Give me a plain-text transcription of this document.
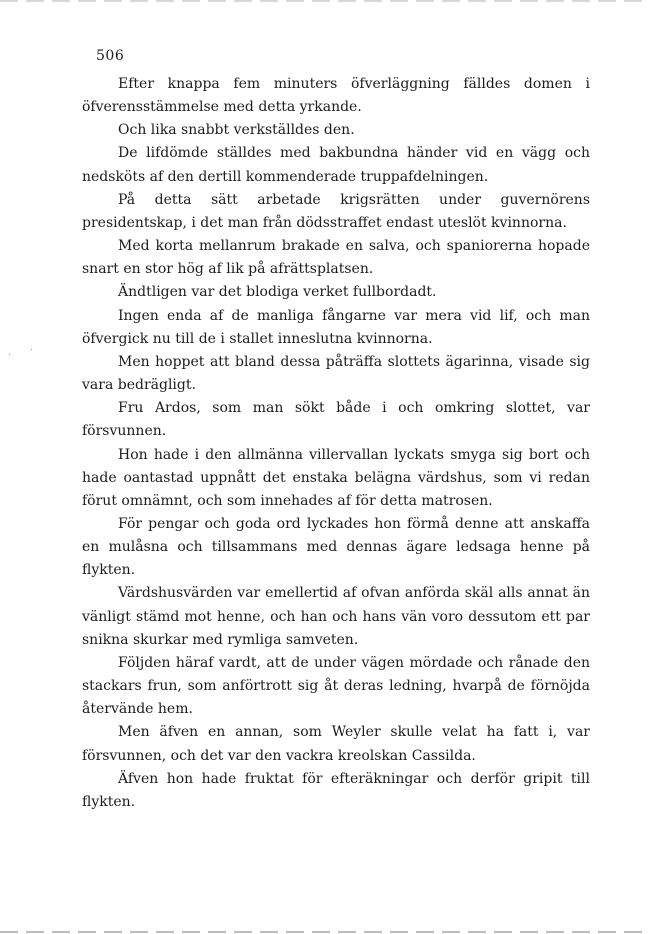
506

Efter knappa fem minuters öfverläggning fälldes domen i öfverensstämmelse med detta yrkande.

Och lika snabbt verkställdes den.

De lifdömde ställdes med bakbundna händer vid en vägg och nedsköts af den dertill kommenderade truppafdelningen.

På detta sätt arbetade krigsrätten under guvernörens presidentskap, i det man från dödsstraffet endast uteslöt kvinnorna.

Med korta mellanrum brakade en salva, och spaniorerna hopade snart en stor hög af lik på afrättsplatsen.

Ändtligen var det blodiga verket fullbordadt.

Ingen enda af de manliga fångarne var mera vid lif, och man öfvergick nu till de i stallet inneslutna kvinnorna.

Men hoppet att bland dessa påträffa slottets ägarinna, visade sig vara bedrägligt.

Fru Ardos, som man sökt både i och omkring slottet, var försvunnen.

Hon hade i den allmänna villervallan lyckats smyga sig bort och hade oantastad uppnått det enstaka belägna värdshus, som vi redan förut omnämnt, och som innehades af för detta matrosen.

För pengar och goda ord lyckades hon förmå denne att anskaffa en mulåsna och tillsammans med dennas ägare ledsaga henne på flykten.

Värdshusvärden var emellertid af ofvan anförda skäl alls annat än vänligt stämd mot henne, och han och hans vän voro dessutom ett par snikna skurkar med rymliga samveten.

Följden häraf vardt, att de under vägen mördade och rånade den stackars frun, som anförtrott sig åt deras ledning, hvarpå de förnöjda återvände hem.

Men äfven en annan, som Weyler skulle velat ha fatt i, var försvunnen, och det var den vackra kreolskan Cassilda.

Äfven hon hade fruktat för efteräkningar och derför gripit till flykten.

· ·
